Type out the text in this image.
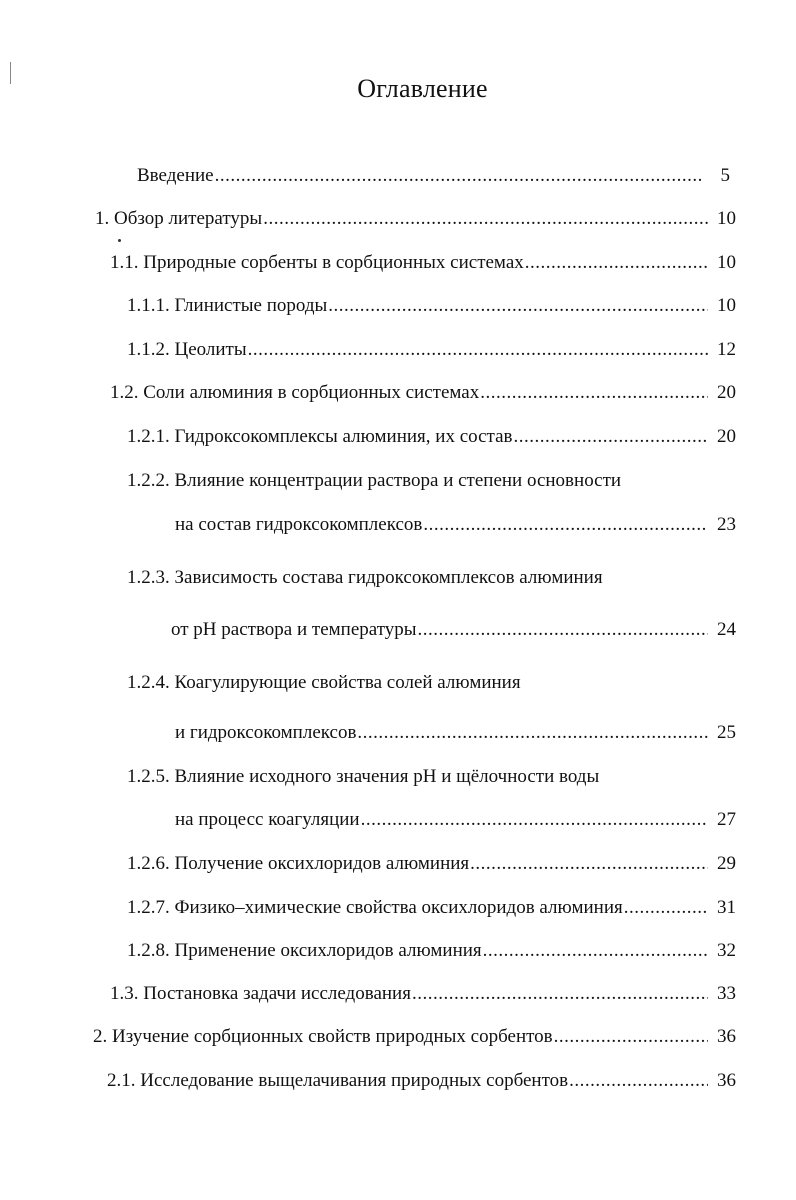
Оглавление
Введение .....	5
1. Обзор литературы .....	10
1.1. Природные сорбенты в сорбционных системах .....	10
1.1.1. Глинистые породы .....	10
1.1.2. Цеолиты .....	12
1.2. Соли алюминия в сорбционных системах .....	20
1.2.1. Гидроксокомплексы алюминия, их состав .....	20
1.2.2. Влияние концентрации раствора и степени основности
на состав гидроксокомплексов .....	23
1.2.3. Зависимость состава гидроксокомплексов алюминия
от рН раствора и температуры .....	24
1.2.4. Коагулирующие свойства солей алюминия
и гидроксокомплексов .....	25
1.2.5. Влияние исходного значения рН и щёлочности воды
на процесс коагуляции .....	27
1.2.6. Получение оксихлоридов алюминия .....	29
1.2.7. Физико–химические свойства оксихлоридов алюминия .....	31
1.2.8. Применение оксихлоридов алюминия .....	32
1.3. Постановка задачи исследования .....	33
2. Изучение сорбционных свойств природных сорбентов .....	36
2.1. Исследование выщелачивания природных сорбентов .....	36
